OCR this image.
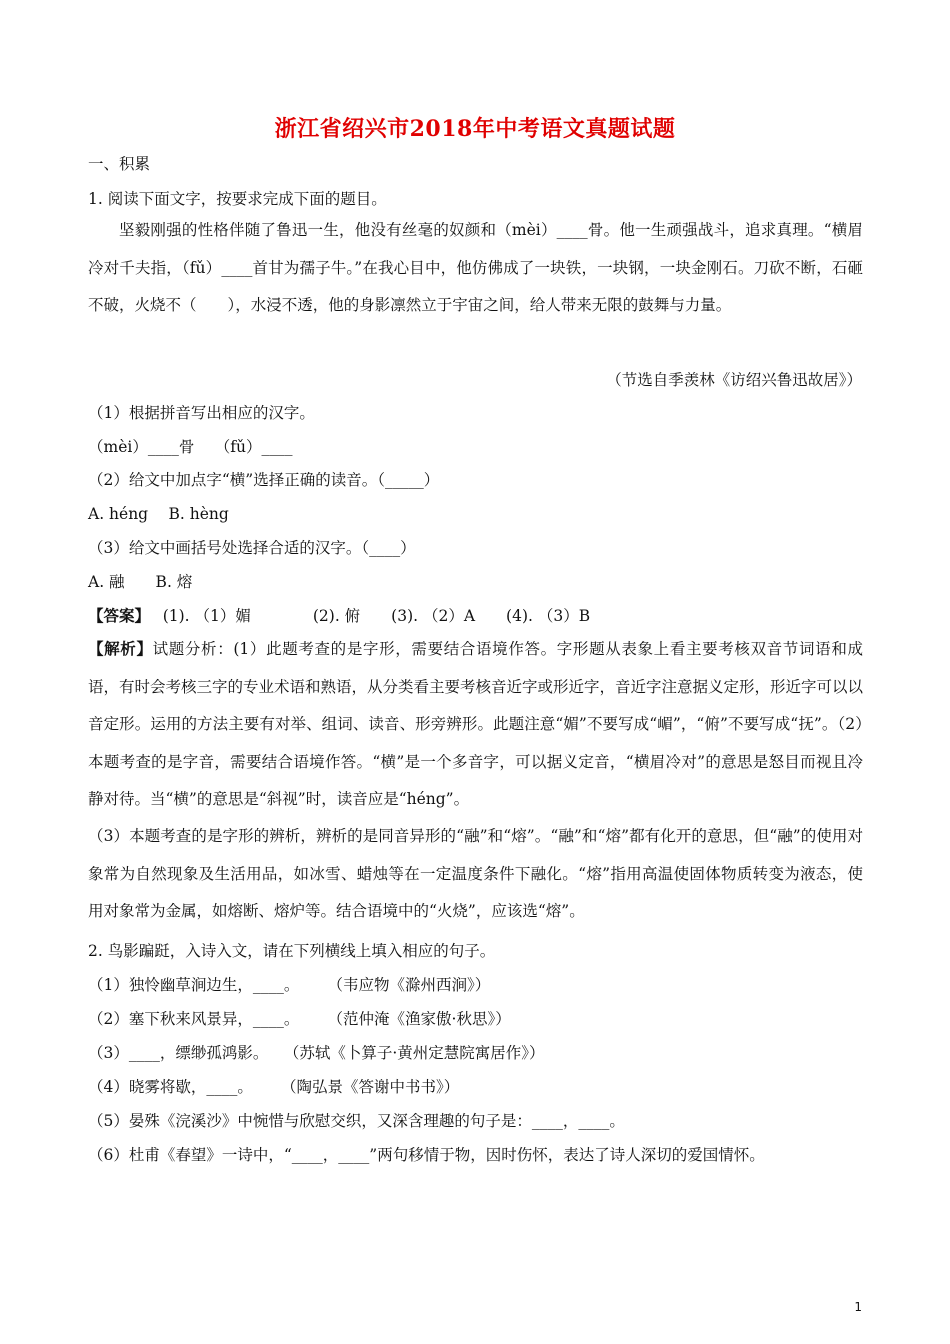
浙江省绍兴市2018年中考语文真题试题
一、积累
1. 阅读下面文字，按要求完成下面的题目。
坚毅刚强的性格伴随了鲁迅一生，他没有丝毫的奴颜和（mèi）____骨。他一生顽强战斗，追求真理。“横眉冷对千夫指，（fǔ）____首甘为孺子牛。”在我心目中，他仿佛成了一块铁，一块钢，一块金刚石。刀砍不断，石砸不破，火烧不（　　），水浸不透，他的身影凛然立于宇宙之间，给人带来无限的鼓舞与力量。
（节选自季羡林《访绍兴鲁迅故居》）
（1）根据拼音写出相应的汉字。
（mèi）____骨　 （fǔ）____
（2）给文中加点字“横”选择正确的读音。（_____）
A. héng　 B. hèng
（3）给文中画括号处选择合适的汉字。（____）
A. 融　　B. 熔
【答案】　 (1). （1）媚　　　　(2). 俯　　(3). （2）A　　(4). （3）B
【解析】试题分析：(1）此题考查的是字形，需要结合语境作答。字形题从表象上看主要考核双音节词语和成语，有时会考核三字的专业术语和熟语，从分类看主要考核音近字或形近字，音近字注意据义定形，形近字可以以音定形。运用的方法主要有对举、组词、读音、形旁辨形。此题注意“媚”不要写成“嵋”，“俯”不要写成“抚”。（2）本题考查的是字音，需要结合语境作答。“横”是一个多音字，可以据义定音，“横眉冷对”的意思是怒目而视且冷静对待。当“横”的意思是“斜视”时，读音应是“héng”。
（3）本题考查的是字形的辨析，辨析的是同音异形的“融”和“熔”。“融”和“熔”都有化开的意思，但“融”的使用对象常为自然现象及生活用品，如冰雪、蜡烛等在一定温度条件下融化。“熔”指用高温使固体物质转变为液态，使用对象常为金属，如熔断、熔炉等。结合语境中的“火烧”，应该选“熔”。
2. 鸟影蹁跹，入诗入文，请在下列横线上填入相应的句子。
（1）独怜幽草涧边生，____。　　 （韦应物《滁州西涧》）
（2）塞下秋来风景异，____。　　 （范仲淹《渔家傲·秋思》）
（3）____，缥缈孤鸿影。　　（苏轼《卜算子·黄州定慧院寓居作》）
（4）晓雾将歇，____。　　 （陶弘景《答谢中书书》）
（5）晏殊《浣溪沙》中惋惜与欣慰交织，又深含理趣的句子是：____，____。
（6）杜甫《春望》一诗中，“____，____”两句移情于物，因时伤怀，表达了诗人深切的爱国情怀。
1
